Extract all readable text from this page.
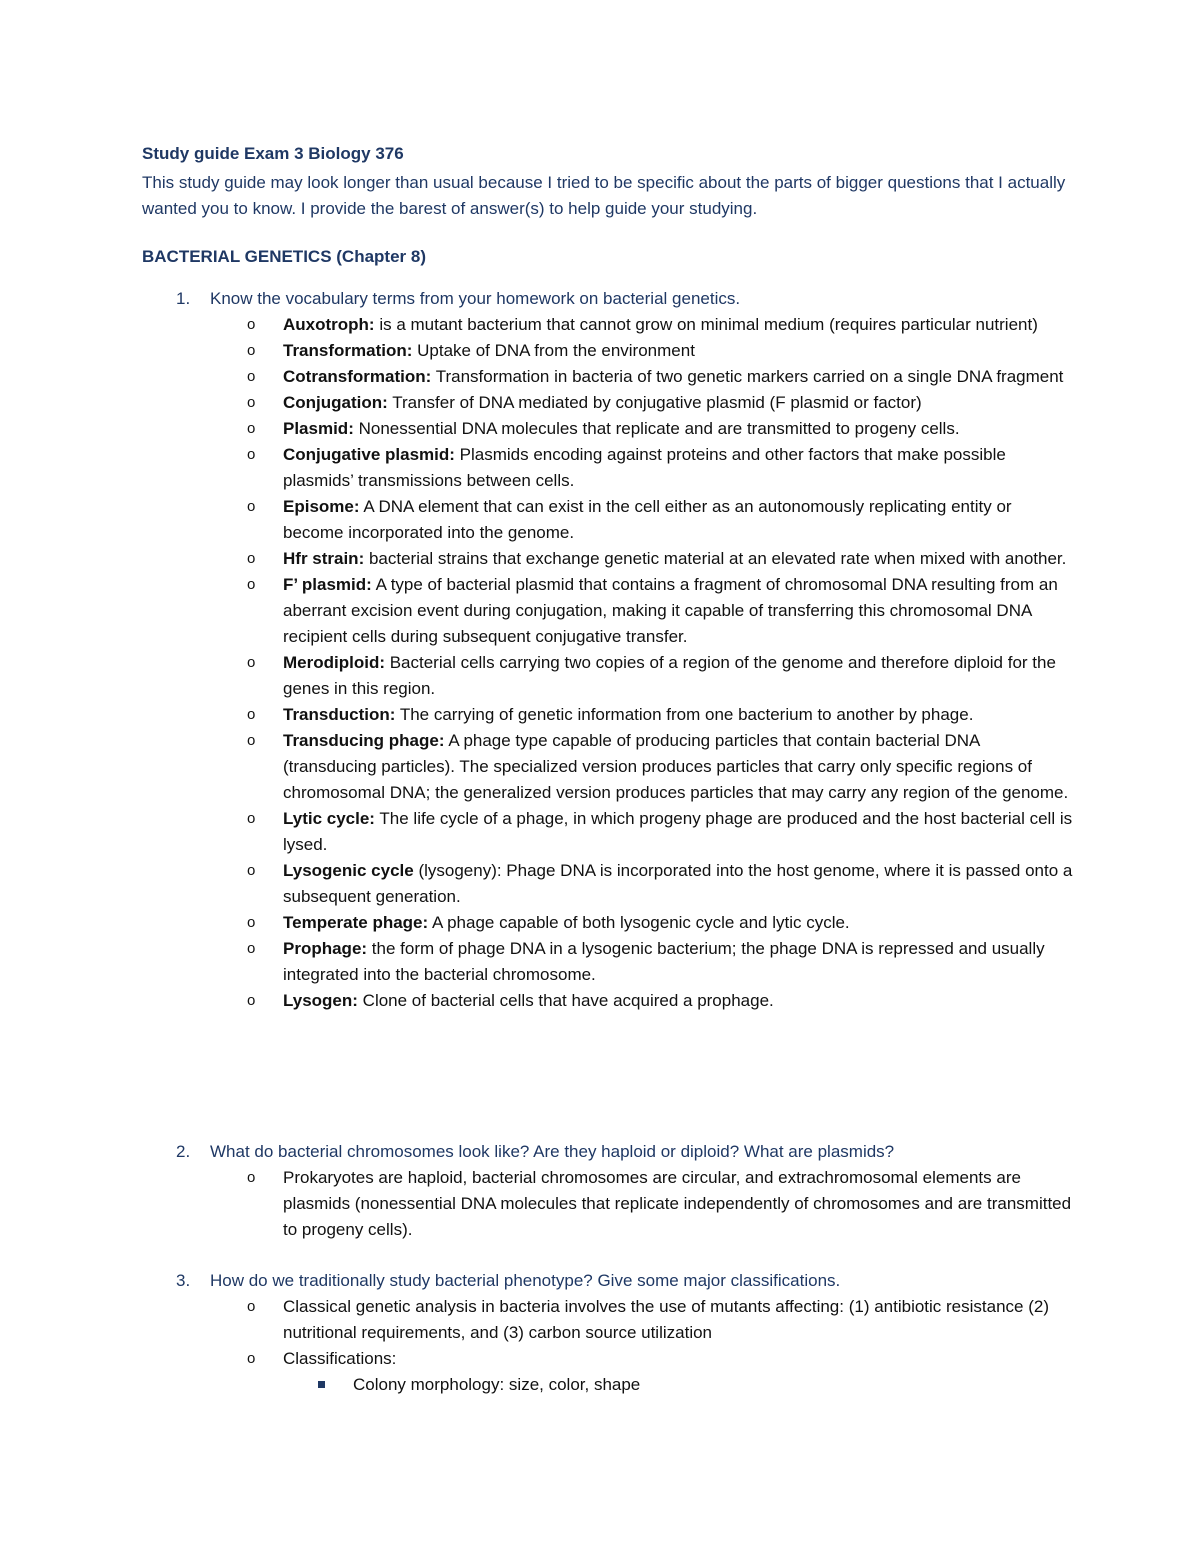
Study guide Exam 3 Biology 376
This study guide may look longer than usual because I tried to be specific about the parts of bigger questions that I actually wanted you to know. I provide the barest of answer(s) to help guide your studying.
BACTERIAL GENETICS (Chapter 8)
1. Know the vocabulary terms from your homework on bacterial genetics.
o Auxotroph: is a mutant bacterium that cannot grow on minimal medium (requires particular nutrient)
o Transformation: Uptake of DNA from the environment
o Cotransformation: Transformation in bacteria of two genetic markers carried on a single DNA fragment
o Conjugation: Transfer of DNA mediated by conjugative plasmid (F plasmid or factor)
o Plasmid: Nonessential DNA molecules that replicate and are transmitted to progeny cells.
o Conjugative plasmid: Plasmids encoding against proteins and other factors that make possible plasmids’ transmissions between cells.
o Episome: A DNA element that can exist in the cell either as an autonomously replicating entity or become incorporated into the genome.
o Hfr strain: bacterial strains that exchange genetic material at an elevated rate when mixed with another.
o F’ plasmid: A type of bacterial plasmid that contains a fragment of chromosomal DNA resulting from an aberrant excision event during conjugation, making it capable of transferring this chromosomal DNA recipient cells during subsequent conjugative transfer.
o Merodiploid: Bacterial cells carrying two copies of a region of the genome and therefore diploid for the genes in this region.
o Transduction: The carrying of genetic information from one bacterium to another by phage.
o Transducing phage: A phage type capable of producing particles that contain bacterial DNA (transducing particles). The specialized version produces particles that carry only specific regions of chromosomal DNA; the generalized version produces particles that may carry any region of the genome.
o Lytic cycle: The life cycle of a phage, in which progeny phage are produced and the host bacterial cell is lysed.
o Lysogenic cycle (lysogeny): Phage DNA is incorporated into the host genome, where it is passed onto a subsequent generation.
o Temperate phage: A phage capable of both lysogenic cycle and lytic cycle.
o Prophage: the form of phage DNA in a lysogenic bacterium; the phage DNA is repressed and usually integrated into the bacterial chromosome.
o Lysogen: Clone of bacterial cells that have acquired a prophage.
2. What do bacterial chromosomes look like? Are they haploid or diploid? What are plasmids?
o Prokaryotes are haploid, bacterial chromosomes are circular, and extrachromosomal elements are plasmids (nonessential DNA molecules that replicate independently of chromosomes and are transmitted to progeny cells).
3. How do we traditionally study bacterial phenotype? Give some major classifications.
o Classical genetic analysis in bacteria involves the use of mutants affecting: (1) antibiotic resistance (2) nutritional requirements, and (3) carbon source utilization
o Classifications:
Colony morphology: size, color, shape
